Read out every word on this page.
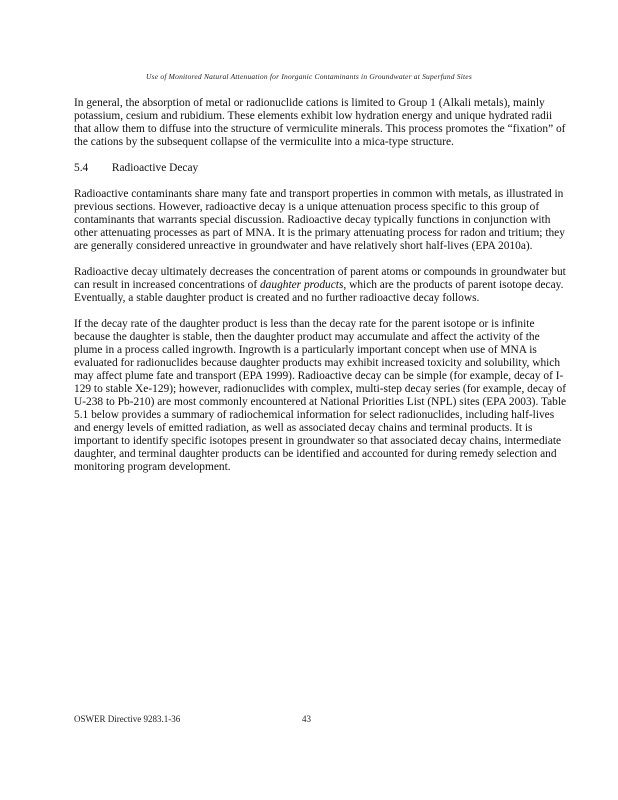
Use of Monitored Natural Attenuation for Inorganic Contaminants in Groundwater at Superfund Sites

In general, the absorption of metal or radionuclide cations is limited to Group 1 (Alkali metals), mainly potassium, cesium and rubidium. These elements exhibit low hydration energy and unique hydrated radii that allow them to diffuse into the structure of vermiculite minerals. This process promotes the “fixation” of the cations by the subsequent collapse of the vermiculite into a mica-type structure.

5.4 Radioactive Decay

Radioactive contaminants share many fate and transport properties in common with metals, as illustrated in previous sections. However, radioactive decay is a unique attenuation process specific to this group of contaminants that warrants special discussion. Radioactive decay typically functions in conjunction with other attenuating processes as part of MNA. It is the primary attenuating process for radon and tritium; they are generally considered unreactive in groundwater and have relatively short half-lives (EPA 2010a).

Radioactive decay ultimately decreases the concentration of parent atoms or compounds in groundwater but can result in increased concentrations of daughter products, which are the products of parent isotope decay. Eventually, a stable daughter product is created and no further radioactive decay follows.

If the decay rate of the daughter product is less than the decay rate for the parent isotope or is infinite because the daughter is stable, then the daughter product may accumulate and affect the activity of the plume in a process called ingrowth. Ingrowth is a particularly important concept when use of MNA is evaluated for radionuclides because daughter products may exhibit increased toxicity and solubility, which may affect plume fate and transport (EPA 1999). Radioactive decay can be simple (for example, decay of I-129 to stable Xe-129); however, radionuclides with complex, multi-step decay series (for example, decay of U-238 to Pb-210) are most commonly encountered at National Priorities List (NPL) sites (EPA 2003). Table 5.1 below provides a summary of radiochemical information for select radionuclides, including half-lives and energy levels of emitted radiation, as well as associated decay chains and terminal products. It is important to identify specific isotopes present in groundwater so that associated decay chains, intermediate daughter, and terminal daughter products can be identified and accounted for during remedy selection and monitoring program development.

OSWER Directive 9283.1-36	43
